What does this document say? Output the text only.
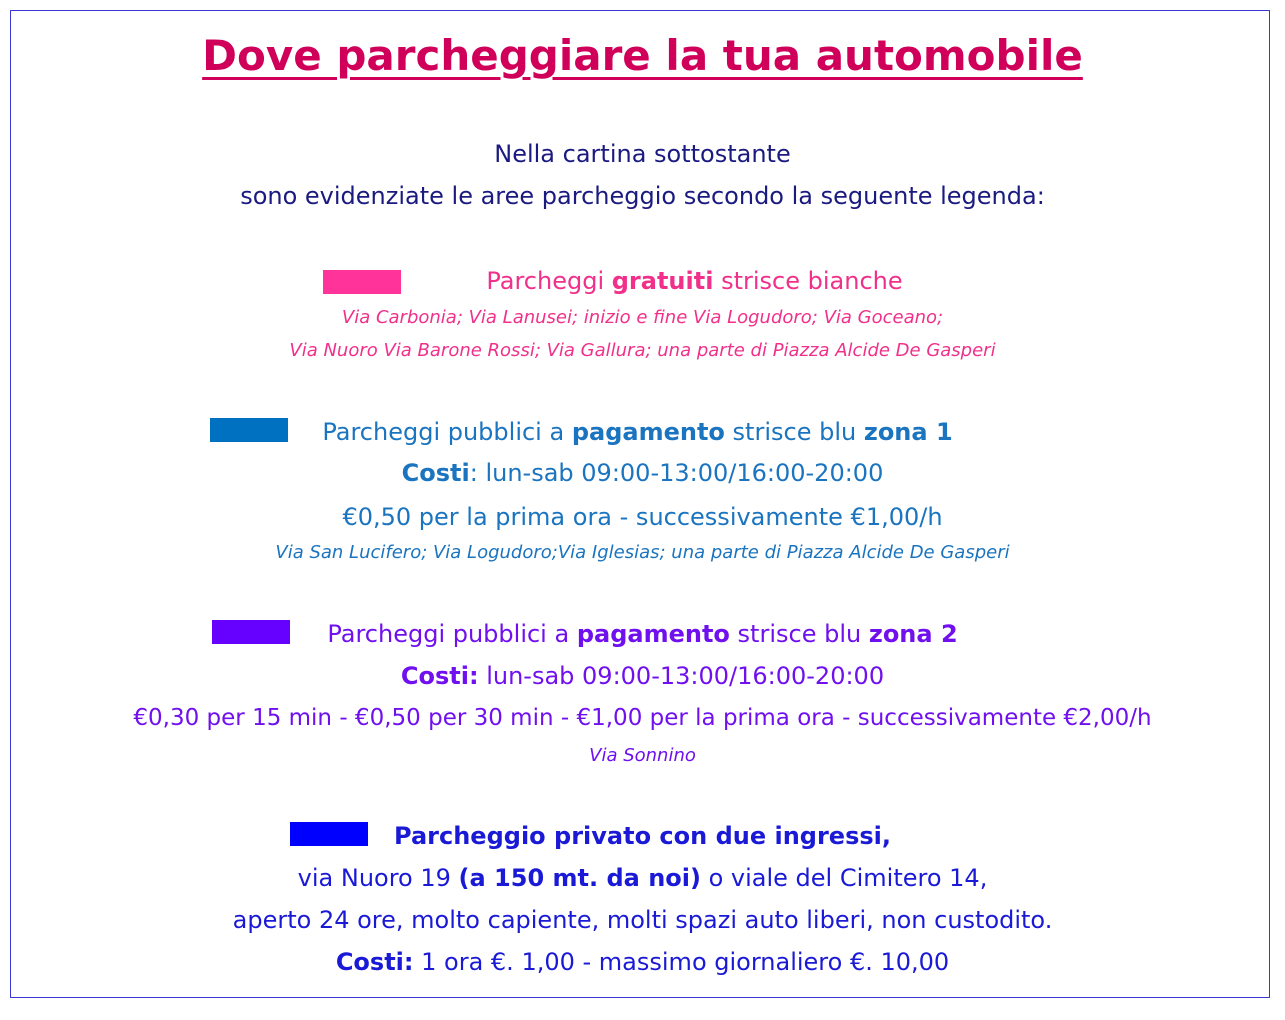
Dove parcheggiare la tua automobile
Nella cartina sottostante
sono evidenziate le aree parcheggio secondo la seguente legenda:
Parcheggi gratuiti strisce bianche
Via Carbonia; Via Lanusei; inizio e fine Via Logudoro; Via Goceano;
Via Nuoro Via Barone Rossi; Via Gallura; una parte di Piazza Alcide De Gasperi
Parcheggi pubblici a pagamento strisce blu zona 1
Costi: lun-sab 09:00-13:00/16:00-20:00
€0,50 per la prima ora - successivamente €1,00/h
Via San Lucifero; Via Logudoro;Via Iglesias; una parte di Piazza Alcide De Gasperi
Parcheggi pubblici a pagamento strisce blu zona 2
Costi: lun-sab 09:00-13:00/16:00-20:00
€0,30 per 15 min - €0,50 per 30 min - €1,00 per la prima ora - successivamente €2,00/h
Via Sonnino
Parcheggio privato con due ingressi,
via Nuoro 19 (a 150 mt. da noi) o viale del Cimitero 14,
aperto 24 ore, molto capiente, molti spazi auto liberi, non custodito.
Costi: 1 ora €. 1,00 - massimo giornaliero €. 10,00
